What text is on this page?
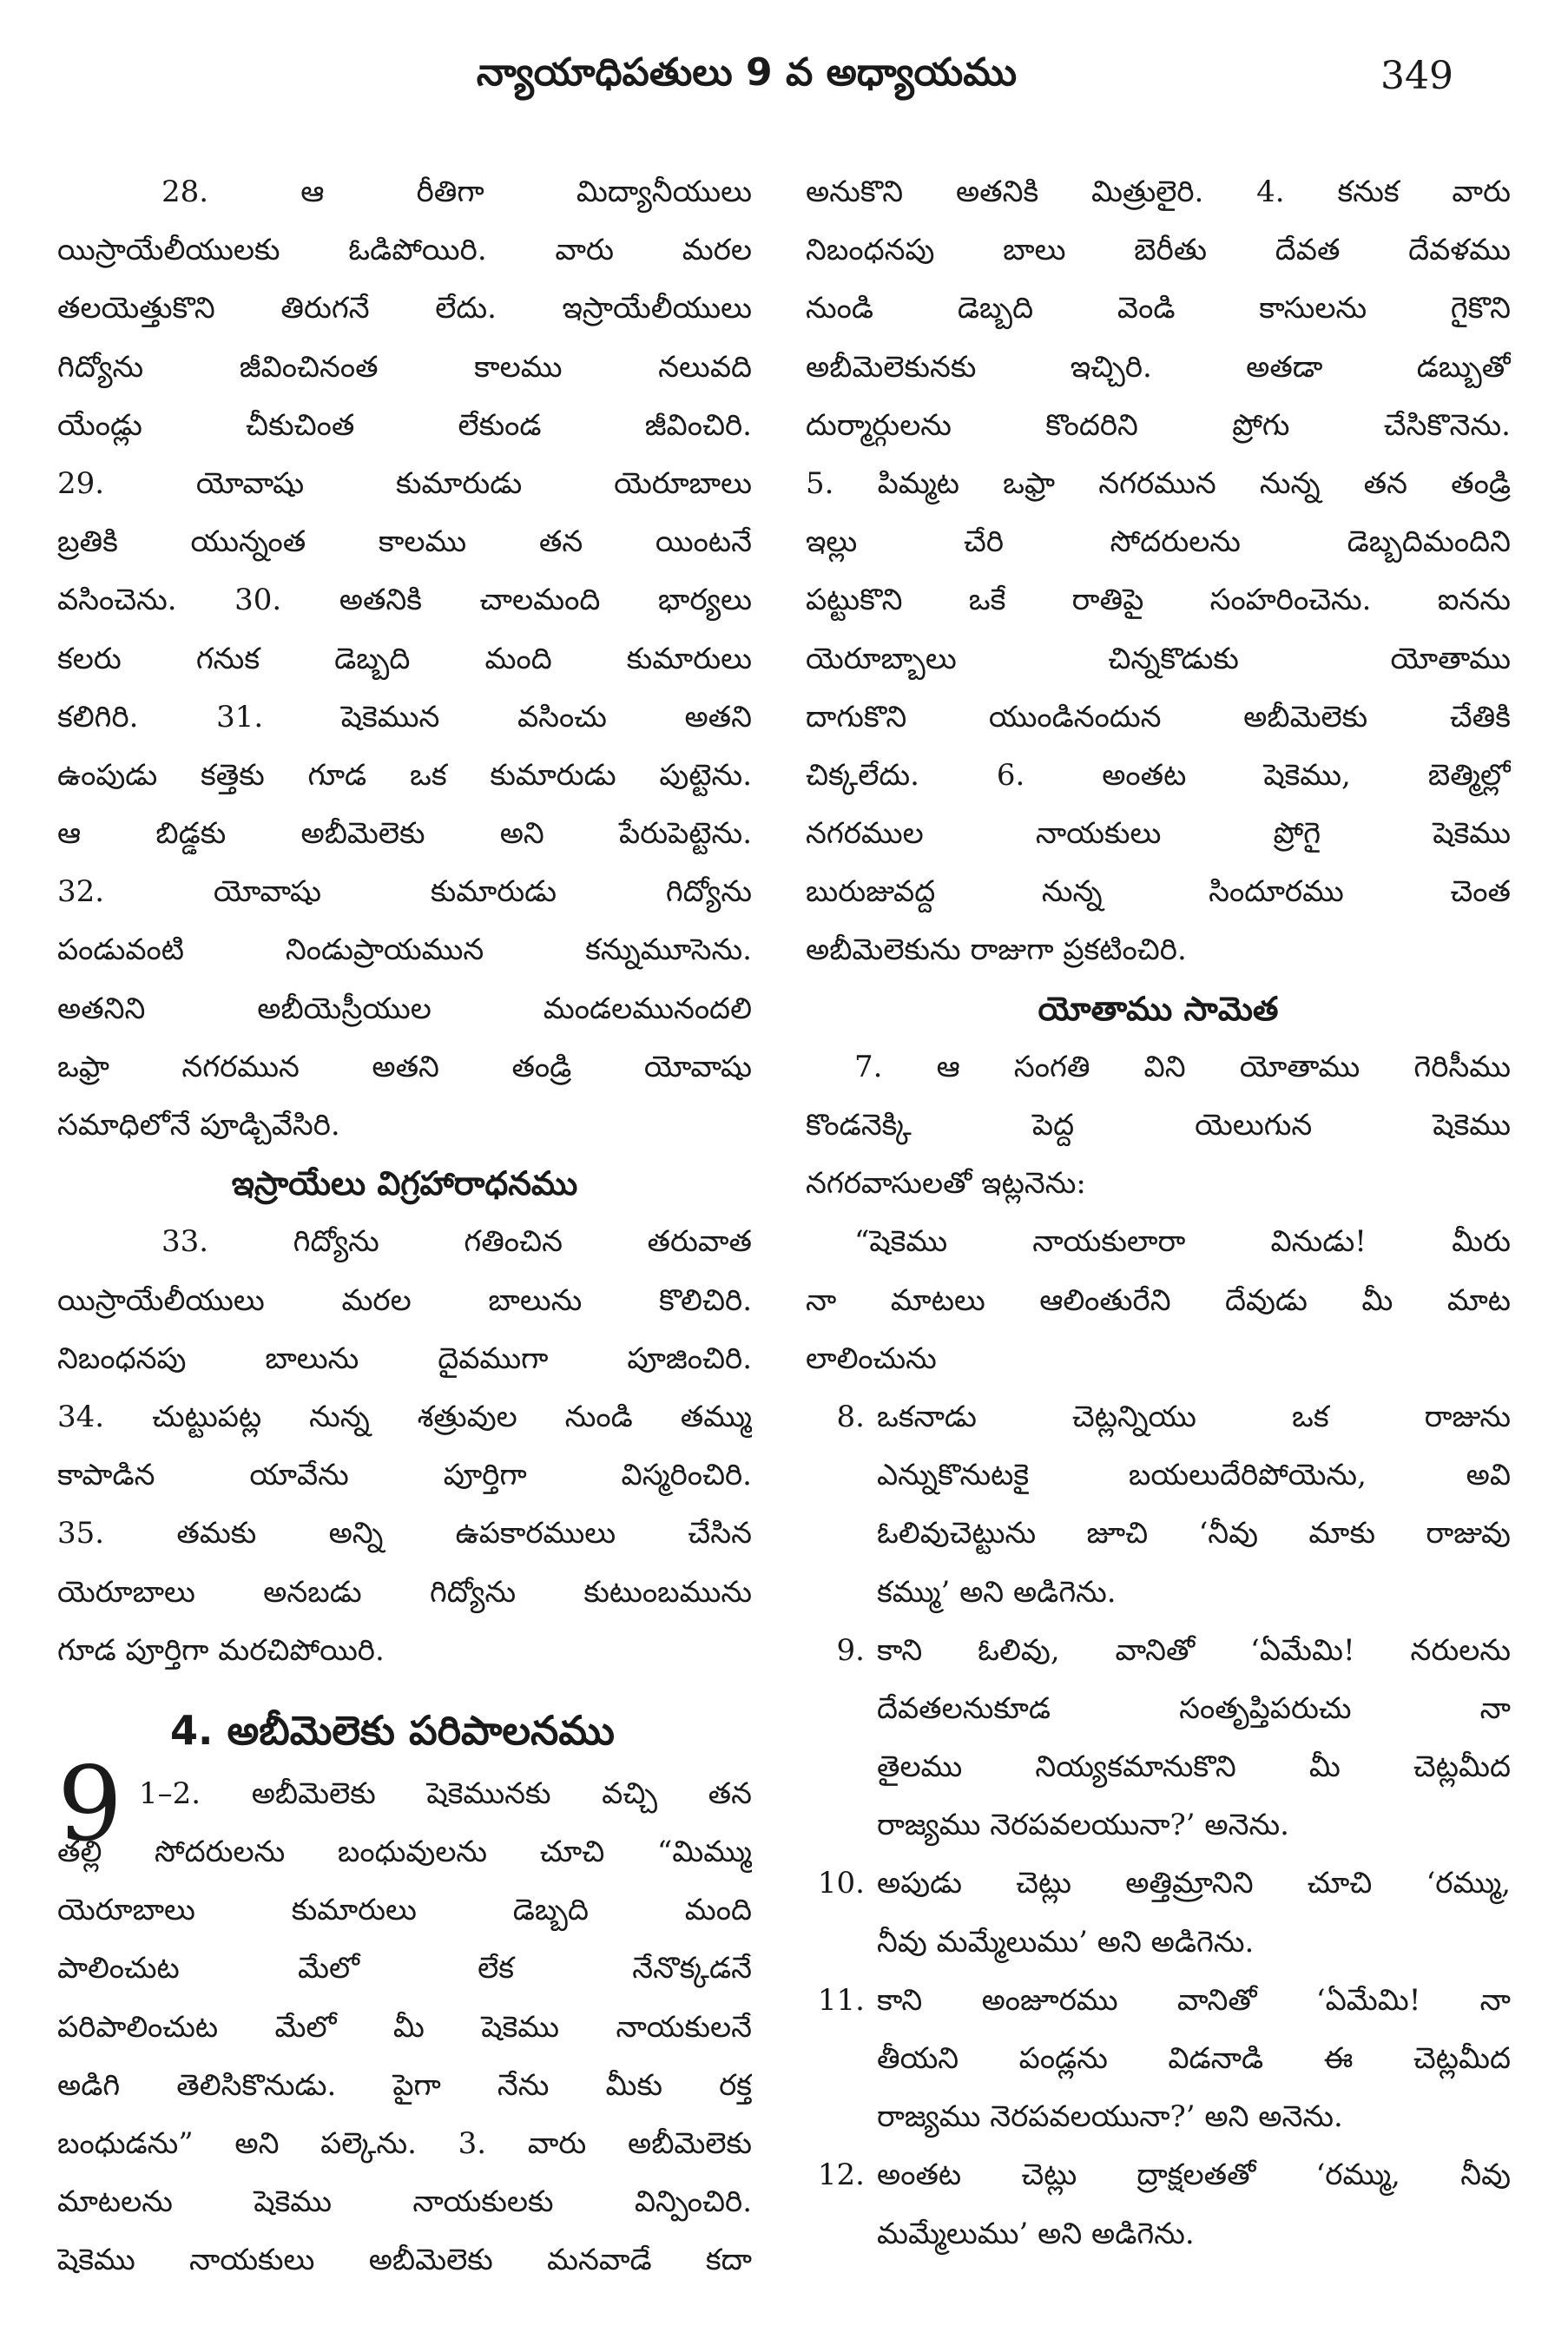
న్యాయాధిపతులు 9 వ అధ్యాయము	349
28. ఆ రీతిగా మిద్యానీయులు
యిస్రాయేలీయులకు ఓడిపోయిరి. వారు మరల
తలయెత్తుకొని తిరుగనే లేదు. ఇస్రాయేలీయులు
గిద్యోను జీవించినంత కాలము నలువది
యేండ్లు చీకుచింత లేకుండ జీవించిరి.
29. యోవాషు కుమారుడు యెరూబాలు
బ్రతికి యున్నంత కాలము తన యింటనే
వసించెను. 30. అతనికి చాలమంది భార్యలు
కలరు గనుక డెబ్బది మంది కుమారులు
కలిగిరి. 31. షెకెమున వసించు అతని
ఉంపుడు కత్తెకు గూడ ఒక కుమారుడు పుట్టెను.
ఆ బిడ్డకు అబీమెలెకు అని పేరుపెట్టెను.
32. యోవాషు కుమారుడు గిద్యోను
పండువంటి నిండుప్రాయమున కన్నుమూసెను.
అతనిని అబీయెస్రీయుల మండలమునందలి
ఒఫ్రా నగరమున అతని తండ్రి యోవాషు
సమాధిలోనే పూడ్చివేసిరి.
ఇస్రాయేలు విగ్రహారాధనము
33. గిద్యోను గతించిన తరువాత
యిస్రాయేలీయులు మరల బాలును కొలిచిరి.
నిబంధనపు బాలును దైవముగా పూజించిరి.
34. చుట్టుపట్ల నున్న శత్రువుల నుండి తమ్ము
కాపాడిన యావేను పూర్తిగా విస్మరించిరి.
35. తమకు అన్ని ఉపకారములు చేసిన
యెరూబాలు అనబడు గిద్యోను కుటుంబమును
గూడ పూర్తిగా మరచిపోయిరి.
4. అబీమెలెకు పరిపాలనము
9 1–2. అబీమెలెకు షెకెమునకు వచ్చి తన
తల్లి సోదరులను బంధువులను చూచి “మిమ్ము
యెరూబాలు కుమారులు డెబ్బది మంది
పాలించుట మేలో లేక నేనొక్కడనే
పరిపాలించుట మేలో మీ షెకెము నాయకులనే
అడిగి తెలిసికొనుడు. పైగా నేను మీకు రక్త
బంధుడను” అని పల్కెను. 3. వారు అబీమెలెకు
మాటలను షెకెము నాయకులకు విన్పించిరి.
షెకెము నాయకులు అబీమెలెకు మనవాడే కదా
అనుకొని అతనికి మిత్రులైరి. 4. కనుక వారు
నిబంధనపు బాలు బెరీతు దేవత దేవళము
నుండి డెబ్బది వెండి కాసులను గైకొని
అబీమెలెకునకు ఇచ్చిరి. అతడా డబ్బుతో
దుర్మార్గులను కొందరిని ప్రోగు చేసికొనెను.
5. పిమ్మట ఒఫ్రా నగరమున నున్న తన తండ్రి
ఇల్లు చేరి సోదరులను డెబ్బదిమందిని
పట్టుకొని ఒకే రాతిపై సంహరించెను. ఐనను
యెరూబ్బాలు చిన్నకొడుకు యోతాము
దాగుకొని యుండినందున అబీమెలెకు చేతికి
చిక్కలేదు. 6. అంతట షెకెము, బెత్మిల్లో
నగరముల నాయకులు ప్రోగై షెకెము
బురుజువద్ద నున్న సిందూరము చెంత
అబీమెలెకును రాజుగా ప్రకటించిరి.
యోతాము సామెత
7. ఆ సంగతి విని యోతాము గెరిసీము
కొండనెక్కి పెద్ద యెలుగున షెకెము
నగరవాసులతో ఇట్లనెను:
“షెకెము నాయకులారా వినుడు! మీరు
నా మాటలు ఆలింతురేని దేవుడు మీ మాట
లాలించును
8. ఒకనాడు చెట్లన్నియు ఒక రాజును
ఎన్నుకొనుటకై బయలుదేరిపోయెను, అవి
ఓలివుచెట్టును జూచి ‘నీవు మాకు రాజువు
కమ్ము’ అని అడిగెను.
9. కాని ఓలివు, వానితో ‘ఏమేమి! నరులను
దేవతలనుకూడ సంతృప్తిపరుచు నా
తైలము నియ్యకమానుకొని మీ చెట్లమీద
రాజ్యము నెరపవలయునా?’ అనెను.
10. అపుడు చెట్లు అత్తిమ్రానిని చూచి ‘రమ్ము,
నీవు మమ్మేలుము’ అని అడిగెను.
11. కాని అంజూరము వానితో ‘ఏమేమి! నా
తీయని పండ్లను విడనాడి ఈ చెట్లమీద
రాజ్యము నెరపవలయునా?’ అని అనెను.
12. అంతట చెట్లు ద్రాక్షలతతో ‘రమ్ము, నీవు
మమ్మేలుము’ అని అడిగెను.
